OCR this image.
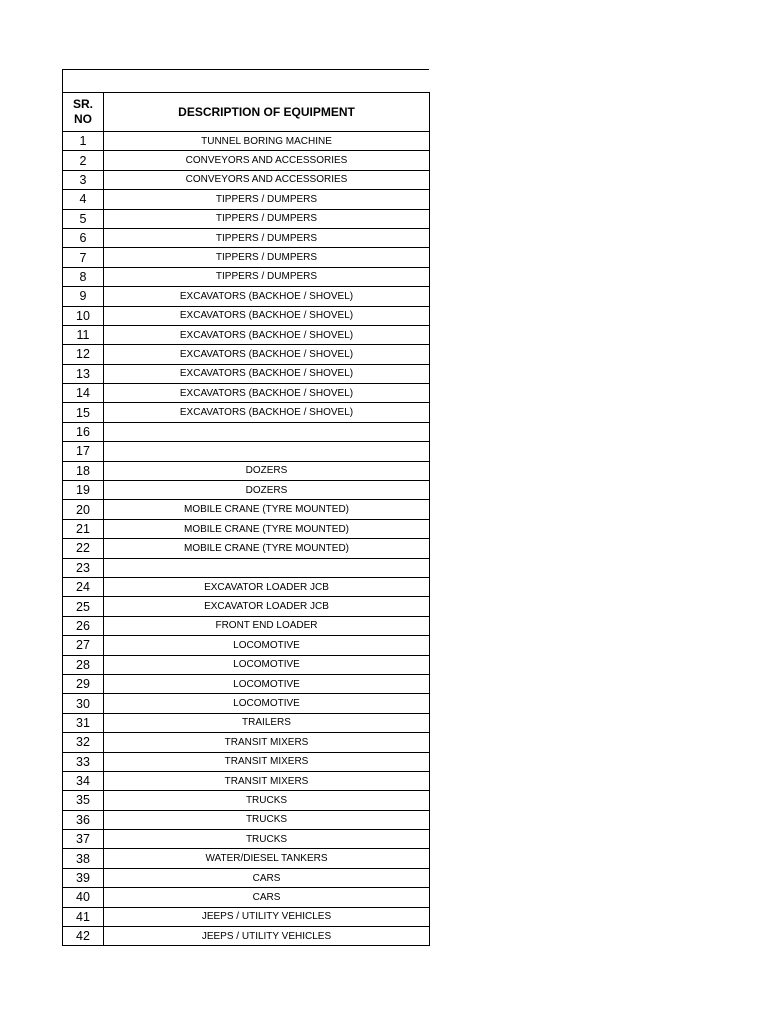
SR.
NO	DESCRIPTION OF EQUIPMENT
1	TUNNEL BORING MACHINE
2	CONVEYORS AND ACCESSORIES
3	CONVEYORS AND ACCESSORIES
4	TIPPERS / DUMPERS
5	TIPPERS / DUMPERS
6	TIPPERS / DUMPERS
7	TIPPERS / DUMPERS
8	TIPPERS / DUMPERS
9	EXCAVATORS (BACKHOE / SHOVEL)
10	EXCAVATORS (BACKHOE / SHOVEL)
11	EXCAVATORS (BACKHOE / SHOVEL)
12	EXCAVATORS (BACKHOE / SHOVEL)
13	EXCAVATORS (BACKHOE / SHOVEL)
14	EXCAVATORS (BACKHOE / SHOVEL)
15	EXCAVATORS (BACKHOE / SHOVEL)
16	
17	
18	DOZERS
19	DOZERS
20	MOBILE CRANE (TYRE MOUNTED)
21	MOBILE CRANE (TYRE MOUNTED)
22	MOBILE CRANE (TYRE MOUNTED)
23	
24	EXCAVATOR LOADER JCB
25	EXCAVATOR LOADER JCB
26	FRONT END LOADER
27	LOCOMOTIVE
28	LOCOMOTIVE
29	LOCOMOTIVE
30	LOCOMOTIVE
31	TRAILERS
32	TRANSIT MIXERS
33	TRANSIT MIXERS
34	TRANSIT MIXERS
35	TRUCKS
36	TRUCKS
37	TRUCKS
38	WATER/DIESEL TANKERS
39	CARS
40	CARS
41	JEEPS / UTILITY VEHICLES
42	JEEPS / UTILITY VEHICLES
